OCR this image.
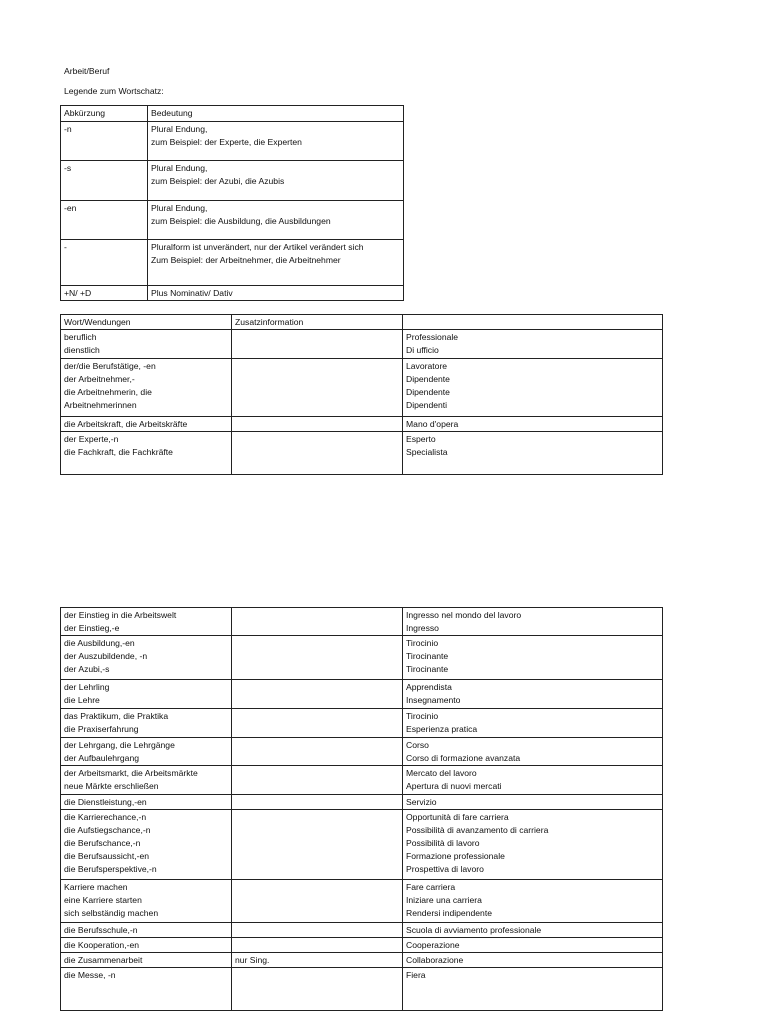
Arbeit/Beruf

Legende zum Wortschatz:

Abkürzung	Bedeutung
-n	Plural Endung,
zum Beispiel: der Experte, die Experten

-s	Plural Endung,
zum Beispiel: der Azubi, die Azubis

-en	Plural Endung,
zum Beispiel: die Ausbildung, die Ausbildungen

-	Pluralform ist unverändert, nur der Artikel verändert sich
Zum Beispiel: der Arbeitnehmer, die Arbeitnehmer

+N/ +D	Plus Nominativ/ Dativ
Wort/Wendungen	Zusatzinformation	

beruflich
dienstlich		Professionale
Di ufficio

der/die Berufstätige, -en
der Arbeitnehmer,-
die Arbeitnehmerin, die
Arbeitnehmerinnen		Lavoratore
Dipendente
Dipendente
Dipendenti

die Arbeitskraft, die Arbeitskräfte		Mano d'opera

der Experte,-n
die Fachkraft, die Fachkräfte		Esperto
Specialista
der Einstieg in die Arbeitswelt
der Einstieg,-e		Ingresso nel mondo del lavoro
Ingresso

die Ausbildung,-en
der Auszubildende, -n
der Azubi,-s		Tirocinio
Tirocinante
Tirocinante

der Lehrling
die Lehre		Apprendista
Insegnamento

das Praktikum, die Praktika
die Praxiserfahrung		Tirocinio
Esperienza pratica

der Lehrgang, die Lehrgänge
der Aufbaulehrgang		Corso
Corso di formazione avanzata

der Arbeitsmarkt, die Arbeitsmärkte
neue Märkte erschließen		Mercato del lavoro
Apertura di nuovi mercati

die Dienstleistung,-en		Servizio

die Karrierechance,-n
die Aufstiegschance,-n
die Berufschance,-n
die Berufsaussicht,-en
die Berufsperspektive,-n		Opportunità di fare carriera
Possibilità di avanzamento di carriera
Possibilità di lavoro
Formazione professionale
Prospettiva di lavoro

Karriere machen
eine Karriere starten
sich selbständig machen		Fare carriera
Iniziare una carriera
Rendersi indipendente

die Berufsschule,-n		Scuola di avviamento professionale

die Kooperation,-en		Cooperazione

die Zusammenarbeit	nur Sing.	Collaborazione

die Messe, -n		Fiera
